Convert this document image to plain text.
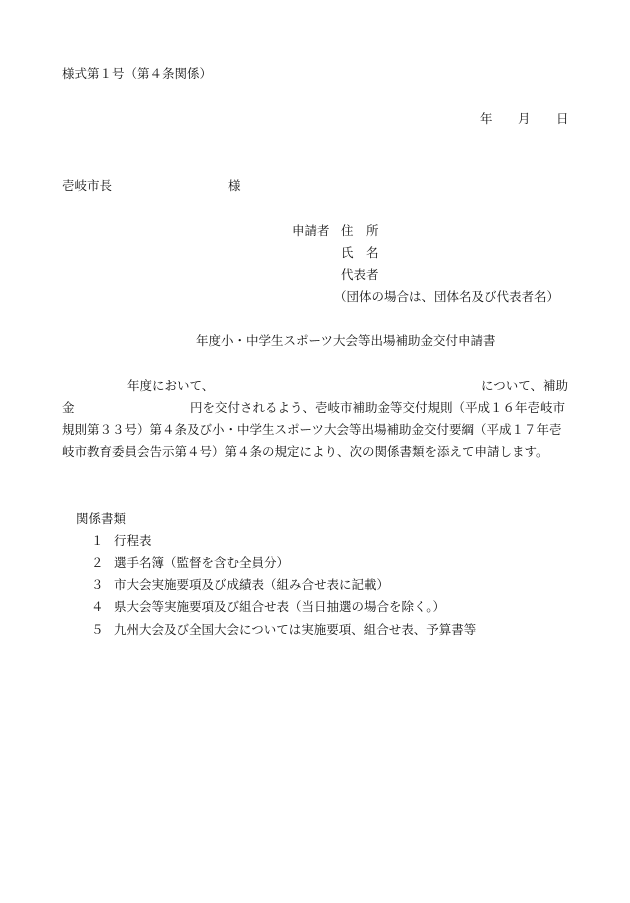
様式第１号（第４条関係）
年 月 日
壱岐市長	様
申請者 住　所
氏　名
代表者
（団体の場合は、団体名及び代表者名）
年度小・中学生スポーツ大会等出場補助金交付申請書
年度において、	について、補助
金	円を交付されるよう、壱岐市補助金等交付規則（平成１６年壱岐市
規則第３３号）第４条及び小・中学生スポーツ大会等出場補助金交付要綱（平成１７年壱
岐市教育委員会告示第４号）第４条の規定により、次の関係書類を添えて申請します。
関係書類
１ 行程表
２ 選手名簿（監督を含む全員分）
３ 市大会実施要項及び成績表（組み合せ表に記載）
４ 県大会等実施要項及び組合せ表（当日抽選の場合を除く。）
５ 九州大会及び全国大会については実施要項、組合せ表、予算書等
